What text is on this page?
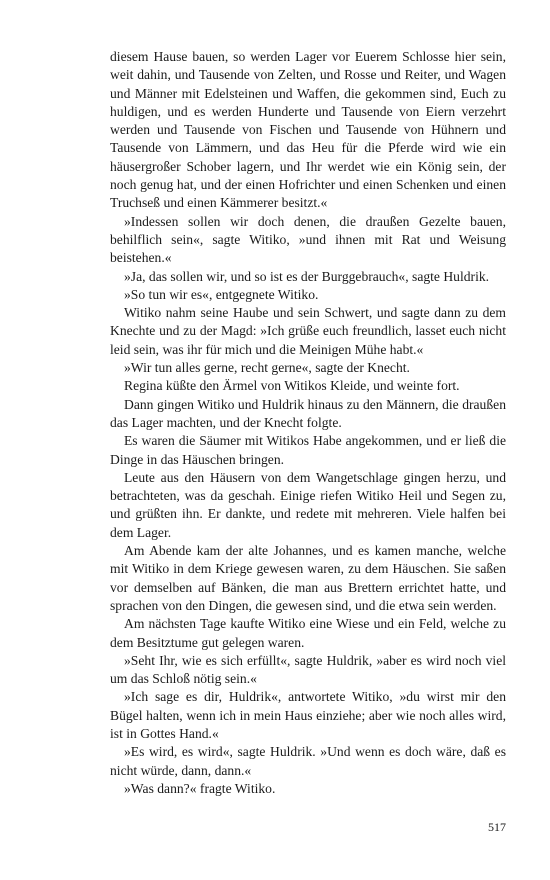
diesem Hause bauen, so werden Lager vor Euerem Schlosse hier sein, weit dahin, und Tausende von Zelten, und Rosse und Reiter, und Wagen und Männer mit Edelsteinen und Waffen, die gekommen sind, Euch zu huldigen, und es werden Hunderte und Tausende von Eiern verzehrt werden und Tausende von Fischen und Tausende von Hühnern und Tausende von Lämmern, und das Heu für die Pferde wird wie ein häusergroßer Schober lagern, und Ihr werdet wie ein König sein, der noch genug hat, und der einen Hofrichter und einen Schenken und einen Truchseß und einen Kämmerer besitzt.«

»Indessen sollen wir doch denen, die draußen Gezelte bauen, behilflich sein«, sagte Witiko, »und ihnen mit Rat und Weisung beistehen.«

»Ja, das sollen wir, und so ist es der Burggebrauch«, sagte Huldrik.

»So tun wir es«, entgegnete Witiko.

Witiko nahm seine Haube und sein Schwert, und sagte dann zu dem Knechte und zu der Magd: »Ich grüße euch freundlich, lasset euch nicht leid sein, was ihr für mich und die Meinigen Mühe habt.«

»Wir tun alles gerne, recht gerne«, sagte der Knecht.

Regina küßte den Ärmel von Witikos Kleide, und weinte fort.

Dann gingen Witiko und Huldrik hinaus zu den Männern, die draußen das Lager machten, und der Knecht folgte.

Es waren die Säumer mit Witikos Habe angekommen, und er ließ die Dinge in das Häuschen bringen.

Leute aus den Häusern von dem Wangetschlage gingen herzu, und betrachteten, was da geschah. Einige riefen Witiko Heil und Segen zu, und grüßten ihn. Er dankte, und redete mit mehreren. Viele halfen bei dem Lager.

Am Abende kam der alte Johannes, und es kamen manche, welche mit Witiko in dem Kriege gewesen waren, zu dem Häuschen. Sie saßen vor demselben auf Bänken, die man aus Brettern errichtet hatte, und sprachen von den Dingen, die gewesen sind, und die etwa sein werden.

Am nächsten Tage kaufte Witiko eine Wiese und ein Feld, welche zu dem Besitztume gut gelegen waren.

»Seht Ihr, wie es sich erfüllt«, sagte Huldrik, »aber es wird noch viel um das Schloß nötig sein.«

»Ich sage es dir, Huldrik«, antwortete Witiko, »du wirst mir den Bügel halten, wenn ich in mein Haus einziehe; aber wie noch alles wird, ist in Gottes Hand.«

»Es wird, es wird«, sagte Huldrik. »Und wenn es doch wäre, daß es nicht würde, dann, dann.«

»Was dann?« fragte Witiko.

517
